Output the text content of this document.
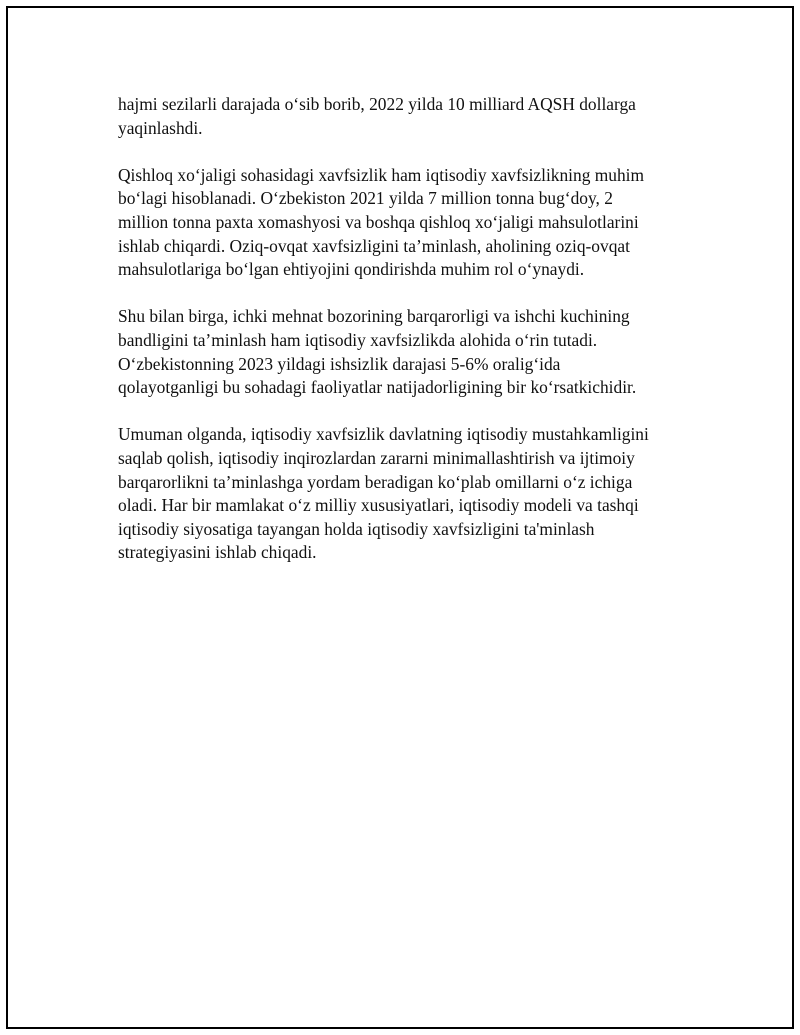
hajmi sezilarli darajada o‘sib borib, 2022 yilda 10 milliard AQSH dollarga
yaqinlashdi.

Qishloq xo‘jaligi sohasidagi xavfsizlik ham iqtisodiy xavfsizlikning muhim
bo‘lagi hisoblanadi. O‘zbekiston 2021 yilda 7 million tonna bug‘doy, 2
million tonna paxta xomashyosi va boshqa qishloq xo‘jaligi mahsulotlarini
ishlab chiqardi. Oziq-ovqat xavfsizligini ta’minlash, aholining oziq-ovqat
mahsulotlariga bo‘lgan ehtiyojini qondirishda muhim rol o‘ynaydi.

Shu bilan birga, ichki mehnat bozorining barqarorligi va ishchi kuchining
bandligini ta’minlash ham iqtisodiy xavfsizlikda alohida o‘rin tutadi.
O‘zbekistonning 2023 yildagi ishsizlik darajasi 5-6% oralig‘ida
qolayotganligi bu sohadagi faoliyatlar natijadorligining bir ko‘rsatkichidir.

Umuman olganda, iqtisodiy xavfsizlik davlatning iqtisodiy mustahkamligini
saqlab qolish, iqtisodiy inqirozlardan zararni minimallashtirish va ijtimoiy
barqarorlikni ta’minlashga yordam beradigan ko‘plab omillarni o‘z ichiga
oladi. Har bir mamlakat o‘z milliy xususiyatlari, iqtisodiy modeli va tashqi
iqtisodiy siyosatiga tayangan holda iqtisodiy xavfsizligini ta'minlash
strategiyasini ishlab chiqadi.
